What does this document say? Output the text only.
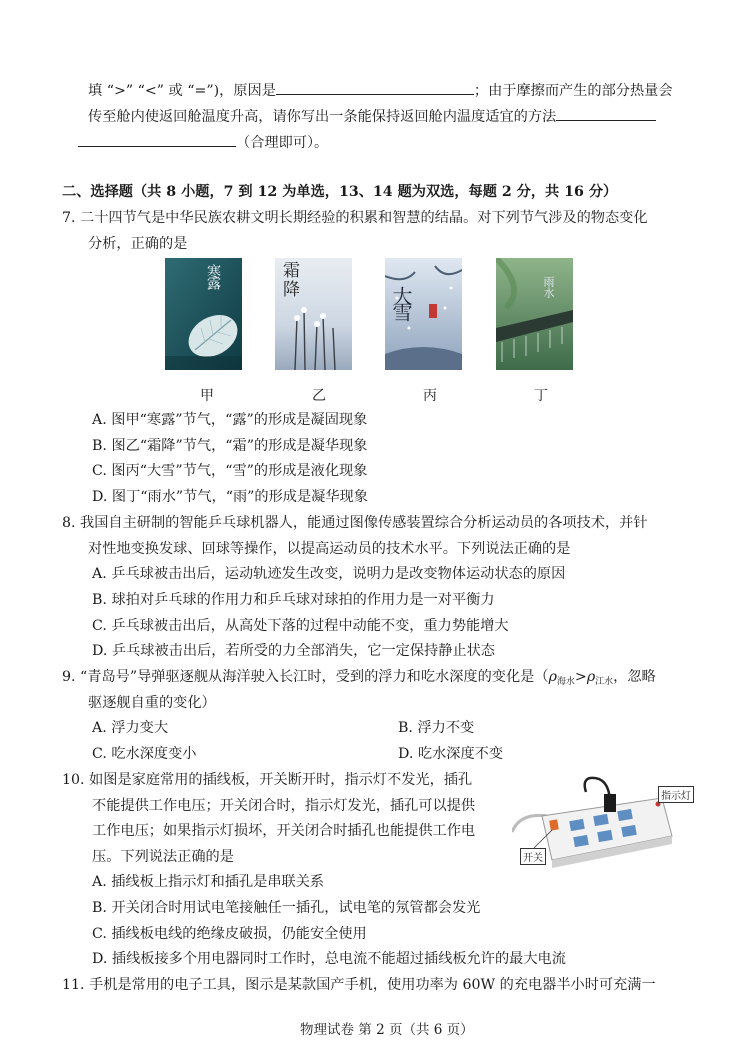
填 “>” “<” 或 “=”)，原因是	；由于摩擦而产生的部分热量会
传至舱内使返回舱温度升高，请你写出一条能保持返回舱内温度适宜的方法
（合理即可）。
二、选择题（共 8 小题，7 到 12 为单选，13、14 题为双选，每题 2 分，共 16 分）
7. 二十四节气是中华民族农耕文明长期经验的积累和智慧的结晶。对下列节气涉及的物态变化
分析，正确的是
寒露	霜降	大雪	雨水
甲	乙	丙	丁
A. 图甲“寒露”节气，“露”的形成是凝固现象
B. 图乙“霜降”节气，“霜”的形成是凝华现象
C. 图丙“大雪”节气，“雪”的形成是液化现象
D. 图丁“雨水”节气，“雨”的形成是凝华现象
8. 我国自主研制的智能乒乓球机器人，能通过图像传感装置综合分析运动员的各项技术，并针
对性地变换发球、回球等操作，以提高运动员的技术水平。下列说法正确的是
A. 乒乓球被击出后，运动轨迹发生改变，说明力是改变物体运动状态的原因
B. 球拍对乒乓球的作用力和乒乓球对球拍的作用力是一对平衡力
C. 乒乓球被击出后，从高处下落的过程中动能不变，重力势能增大
D. 乒乓球被击出后，若所受的力全部消失，它一定保持静止状态
9. “青岛号”导弹驱逐舰从海洋驶入长江时，受到的浮力和吃水深度的变化是（$\rho_{海水}>\rho_{江水}$，忽略
驱逐舰自重的变化）
A. 浮力变大	B. 浮力不变
C. 吃水深度变小	D. 吃水深度不变
10. 如图是家庭常用的插线板，开关断开时，指示灯不发光，插孔
不能提供工作电压；开关闭合时，指示灯发光，插孔可以提供
工作电压；如果指示灯损坏，开关闭合时插孔也能提供工作电
压。下列说法正确的是
指示灯
开关
A. 插线板上指示灯和插孔是串联关系
B. 开关闭合时用试电笔接触任一插孔，试电笔的氖管都会发光
C. 插线板电线的绝缘皮破损，仍能安全使用
D. 插线板接多个用电器同时工作时，总电流不能超过插线板允许的最大电流
11. 手机是常用的电子工具，图示是某款国产手机，使用功率为 60W 的充电器半小时可充满一
物理试卷 第 2 页（共 6 页）
